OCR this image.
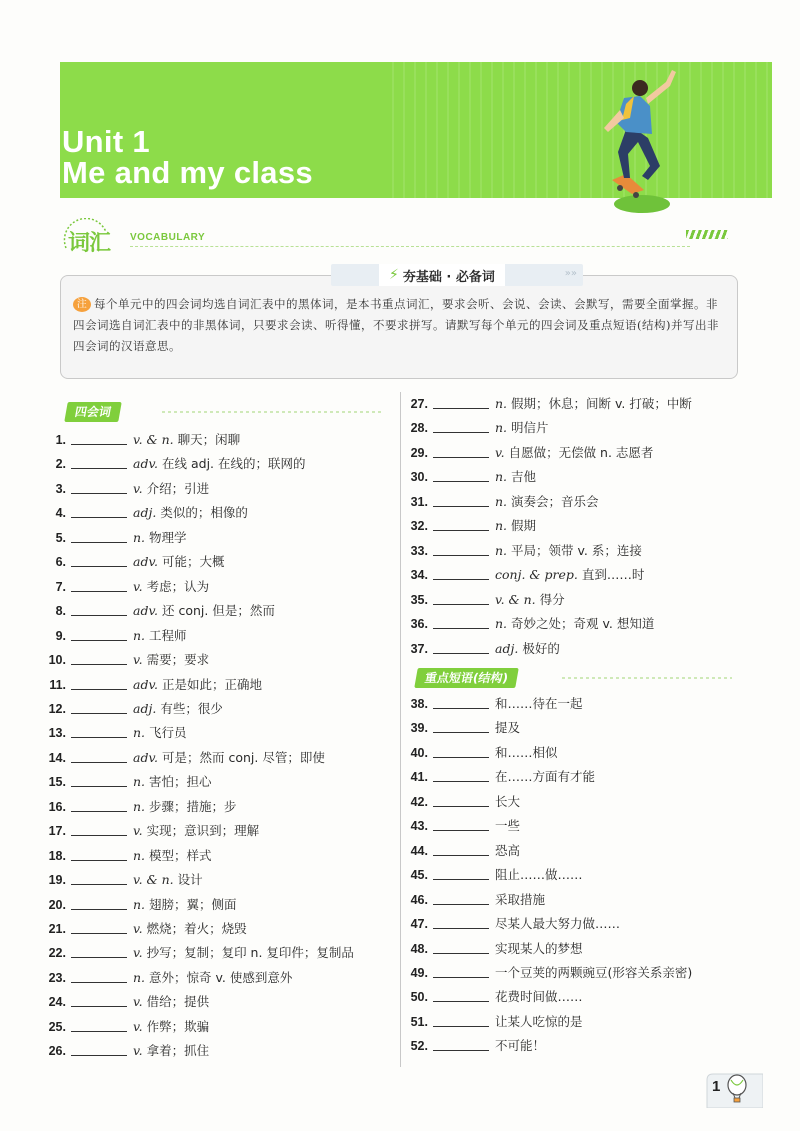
Unit 1
Me and my class
词汇 VOCABULARY
⚡ 夯基础 · 必备词	»»
注 每个单元中的四会词均选自词汇表中的黑体词，是本书重点词汇，要求会听、会说、会读、会默写，需要全面掌握。非四会词选自词汇表中的非黑体词，只要求会读、听得懂，不要求拼写。请默写每个单元的四会词及重点短语(结构)并写出非四会词的汉语意思。
四会词
1.	v. & n. 聊天；闲聊
2.	adv. 在线 adj. 在线的；联网的
3.	v. 介绍；引进
4.	adj. 类似的；相像的
5.	n. 物理学
6.	adv. 可能；大概
7.	v. 考虑；认为
8.	adv. 还 conj. 但是；然而
9.	n. 工程师
10.	v. 需要；要求
11.	adv. 正是如此；正确地
12.	adj. 有些；很少
13.	n. 飞行员
14.	adv. 可是；然而 conj. 尽管；即使
15.	n. 害怕；担心
16.	n. 步骤；措施；步
17.	v. 实现；意识到；理解
18.	n. 模型；样式
19.	v. & n. 设计
20.	n. 翅膀；翼；侧面
21.	v. 燃烧；着火；烧毁
22.	v. 抄写；复制；复印 n. 复印件；复制品
23.	n. 意外；惊奇 v. 使感到意外
24.	v. 借给；提供
25.	v. 作弊；欺骗
26.	v. 拿着；抓住
27.	n. 假期；休息；间断 v. 打破；中断
28.	n. 明信片
29.	v. 自愿做；无偿做 n. 志愿者
30.	n. 吉他
31.	n. 演奏会；音乐会
32.	n. 假期
33.	n. 平局；领带 v. 系；连接
34.	conj. & prep. 直到……时
35.	v. & n. 得分
36.	n. 奇妙之处；奇观 v. 想知道
37.	adj. 极好的
重点短语(结构)
38.	和……待在一起
39.	提及
40.	和……相似
41.	在……方面有才能
42.	长大
43.	一些
44.	恐高
45.	阻止……做……
46.	采取措施
47.	尽某人最大努力做……
48.	实现某人的梦想
49.	一个豆荚的两颗豌豆(形容关系亲密)
50.	花费时间做……
51.	让某人吃惊的是
52.	不可能！
1
